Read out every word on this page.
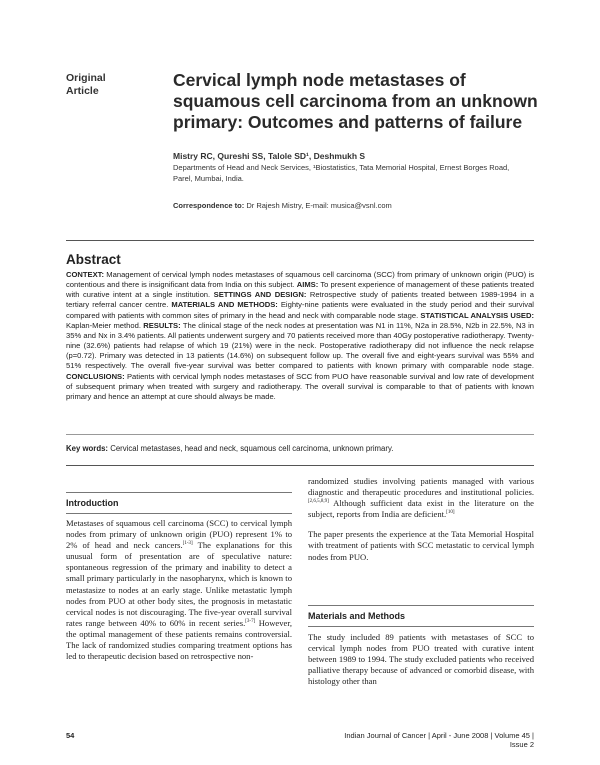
Original
Article
Cervical lymph node metastases of
squamous cell carcinoma from an unknown
primary: Outcomes and patterns of failure
Mistry RC, Qureshi SS, Talole SD¹, Deshmukh S
Departments of Head and Neck Services, ¹Biostatistics, Tata Memorial Hospital, Ernest Borges Road,
Parel, Mumbai, India.
Correspondence to: Dr Rajesh Mistry, E-mail: musica@vsnl.com
Abstract
CONTEXT: Management of cervical lymph nodes metastases of squamous cell carcinoma (SCC) from primary of unknown origin (PUO) is contentious and there is insignificant data from India on this subject. AIMS: To present experience of management of these patients treated with curative intent at a single institution. SETTINGS AND DESIGN: Retrospective study of patients treated between 1989-1994 in a tertiary referral cancer centre. MATERIALS AND METHODS: Eighty-nine patients were evaluated in the study period and their survival compared with patients with common sites of primary in the head and neck with comparable node stage. STATISTICAL ANALYSIS USED: Kaplan-Meier method. RESULTS: The clinical stage of the neck nodes at presentation was N1 in 11%, N2a in 28.5%, N2b in 22.5%, N3 in 35% and Nx in 3.4% patients. All patients underwent surgery and 70 patients received more than 40Gy postoperative radiotherapy. Twenty-nine (32.6%) patients had relapse of which 19 (21%) were in the neck. Postoperative radiotherapy did not influence the neck relapse (p=0.72). Primary was detected in 13 patients (14.6%) on subsequent follow up. The overall five and eight-years survival was 55% and 51% respectively. The overall five-year survival was better compared to patients with known primary with comparable node stage. CONCLUSIONS: Patients with cervical lymph nodes metastases of SCC from PUO have reasonable survival and low rate of development of subsequent primary when treated with surgery and radiotherapy. The overall survival is comparable to that of patients with known primary and hence an attempt at cure should always be made.
Key words: Cervical metastases, head and neck, squamous cell carcinoma, unknown primary.
Introduction

Metastases of squamous cell carcinoma (SCC) to cervical lymph nodes from primary of unknown origin (PUO) represent 1% to 2% of head and neck cancers.[1-3] The explanations for this unusual form of presentation are of speculative nature: spontaneous regression of the primary and inability to detect a small primary particularly in the nasopharynx, which is known to metastasize to nodes at an early stage. Unlike metastatic lymph nodes from PUO at other body sites, the prognosis in metastatic cervical nodes is not discouraging. The five-year overall survival rates range between 40% to 60% in recent series.[3-7] However, the optimal management of these patients remains controversial. The lack of randomized studies comparing treatment options has led to therapeutic decision based on retrospective non-

randomized studies involving patients managed with various diagnostic and therapeutic procedures and institutional policies.[2,6,5,8,9] Although sufficient data exist in the literature on the subject, reports from India are deficient.[10]

The paper presents the experience at the Tata Memorial Hospital with treatment of patients with SCC metastatic to cervical lymph nodes from PUO.

Materials and Methods

The study included 89 patients with metastases of SCC to cervical lymph nodes from PUO treated with curative intent between 1989 to 1994. The study excluded patients who received palliative therapy because of advanced or comorbid disease, with histology other than

54	Indian Journal of Cancer | April - June 2008 | Volume 45 | Issue 2
